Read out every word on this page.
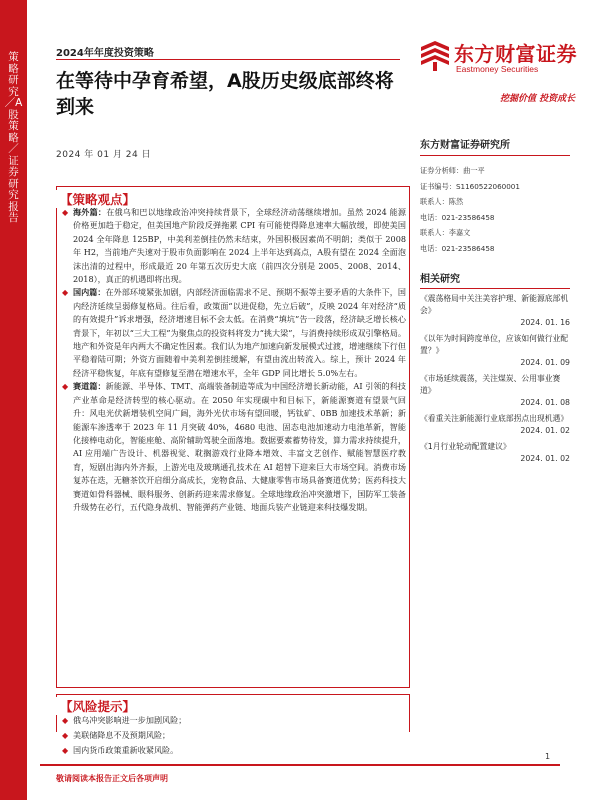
策略研究／A股策略／证券研究报告
2024年年度投资策略	东方财富证券
Eastmoney Securities
挖掘价值 投资成长
在等待中孕育希望，A股历史级底部终将到来
2024 年 01 月 24 日
东方财富证券研究所
证券分析师：曲一平
证书编号：S1160522060001
联系人：陈然
电话：021-23586458
联系人：李嘉文
电话：021-23586458
相关研究
《震荡格局中关注美容护理、新能源底部机会》
2024. 01. 16
《以年为时间跨度单位，应该如何做行业配置？》
2024. 01. 09
《市场延续震荡，关注煤炭、公用事业赛道》
2024. 01. 08
《看重关注新能源行业底部拐点出现机遇》
2024. 01. 02
《1月行业轮动配置建议》
2024. 01. 02
【策略观点】

◆ 海外篇：在俄乌和巴以地缘政治冲突持续背景下，全球经济动荡继续增加。虽然 2024 能源价格更加趋于稳定，但美国地产阶段反弹拖累 CPI 有可能使得降息速率大幅放缓，即使美国 2024 全年降息 125BP，中美利差倒挂仍然未结束，外国积极因素尚不明朗；类似于 2008 年 H2，当前地产失速对于股市负面影响在 2024 上半年达到高点，A股有望在 2024 全面泡沫出清的过程中，形成最近 20 年第五次历史大底（前四次分别是 2005、2008、2014、2018），真正的机遇即将出现。

◆ 国内篇：在外部环境紧张加剧，内部经济面临需求不足、预期不振等主要矛盾的大条件下，国内经济延续呈弱修复格局。往后看，政策面“以进促稳，先立后破”，反映 2024 年对经济“质的有效提升”诉求增强，经济增速目标不会太低。在消费“填坑”告一段落，经济缺乏增长核心背景下，年初以“三大工程”为聚焦点的投资料将发力“挑大梁”，与消费持续形成双引擎格局。地产和外资是年内两大不确定性因素。我们认为地产加速向新发展模式过渡，增速继续下行但平稳着陆可期；外资方面随着中美利差倒挂缓解，有望由流出转流入。综上，预计 2024 年经济平稳恢复，年底有望修复至潜在增速水平，全年 GDP 同比增长 5.0%左右。

◆ 赛道篇：新能源、半导体、TMT、高端装备制造等成为中国经济增长新动能，AI 引领的科技产业革命是经济转型的核心驱动。在 2050 年实现碳中和目标下，新能源赛道有望景气回升：风电光伏新增装机空间广阔，海外光伏市场有望回暖，钙钛矿、0BB 加速技术革新；新能源车渗透率于 2023 年 11 月突破 40%，4680 电池、固态电池加速动力电池革新，智能化接棒电动化，智能座舱、高阶辅助驾驶全面落地。数据要素蓄势待发，算力需求持续提升，AI 应用端广告设计、机器视觉、耽搁游戏行业降本增效、丰富文艺创作、赋能智慧医疗教育，短剧出海内外齐振，上游光电及玻璃通孔技术在 AI 超替下迎来巨大市场空间。消费市场复苏在迭，无糖茶饮开启细分高成长，宠物食品、大健康零售市场具备赛道优势；医药科技大赛道如骨科器械、眼科服务、创新药迎来需求修复。全球地缘政治冲突激增下，国防军工装备升级势在必行，五代隐身战机、智能弹药产业链、地面兵装产业链迎来科技爆发期。

【风险提示】

◆ 俄乌冲突影响进一步加剧风险；

◆ 美联储降息不及预期风险；

◆ 国内货币政策重新收紧风险。

1
敬请阅读本报告正文后各项声明
